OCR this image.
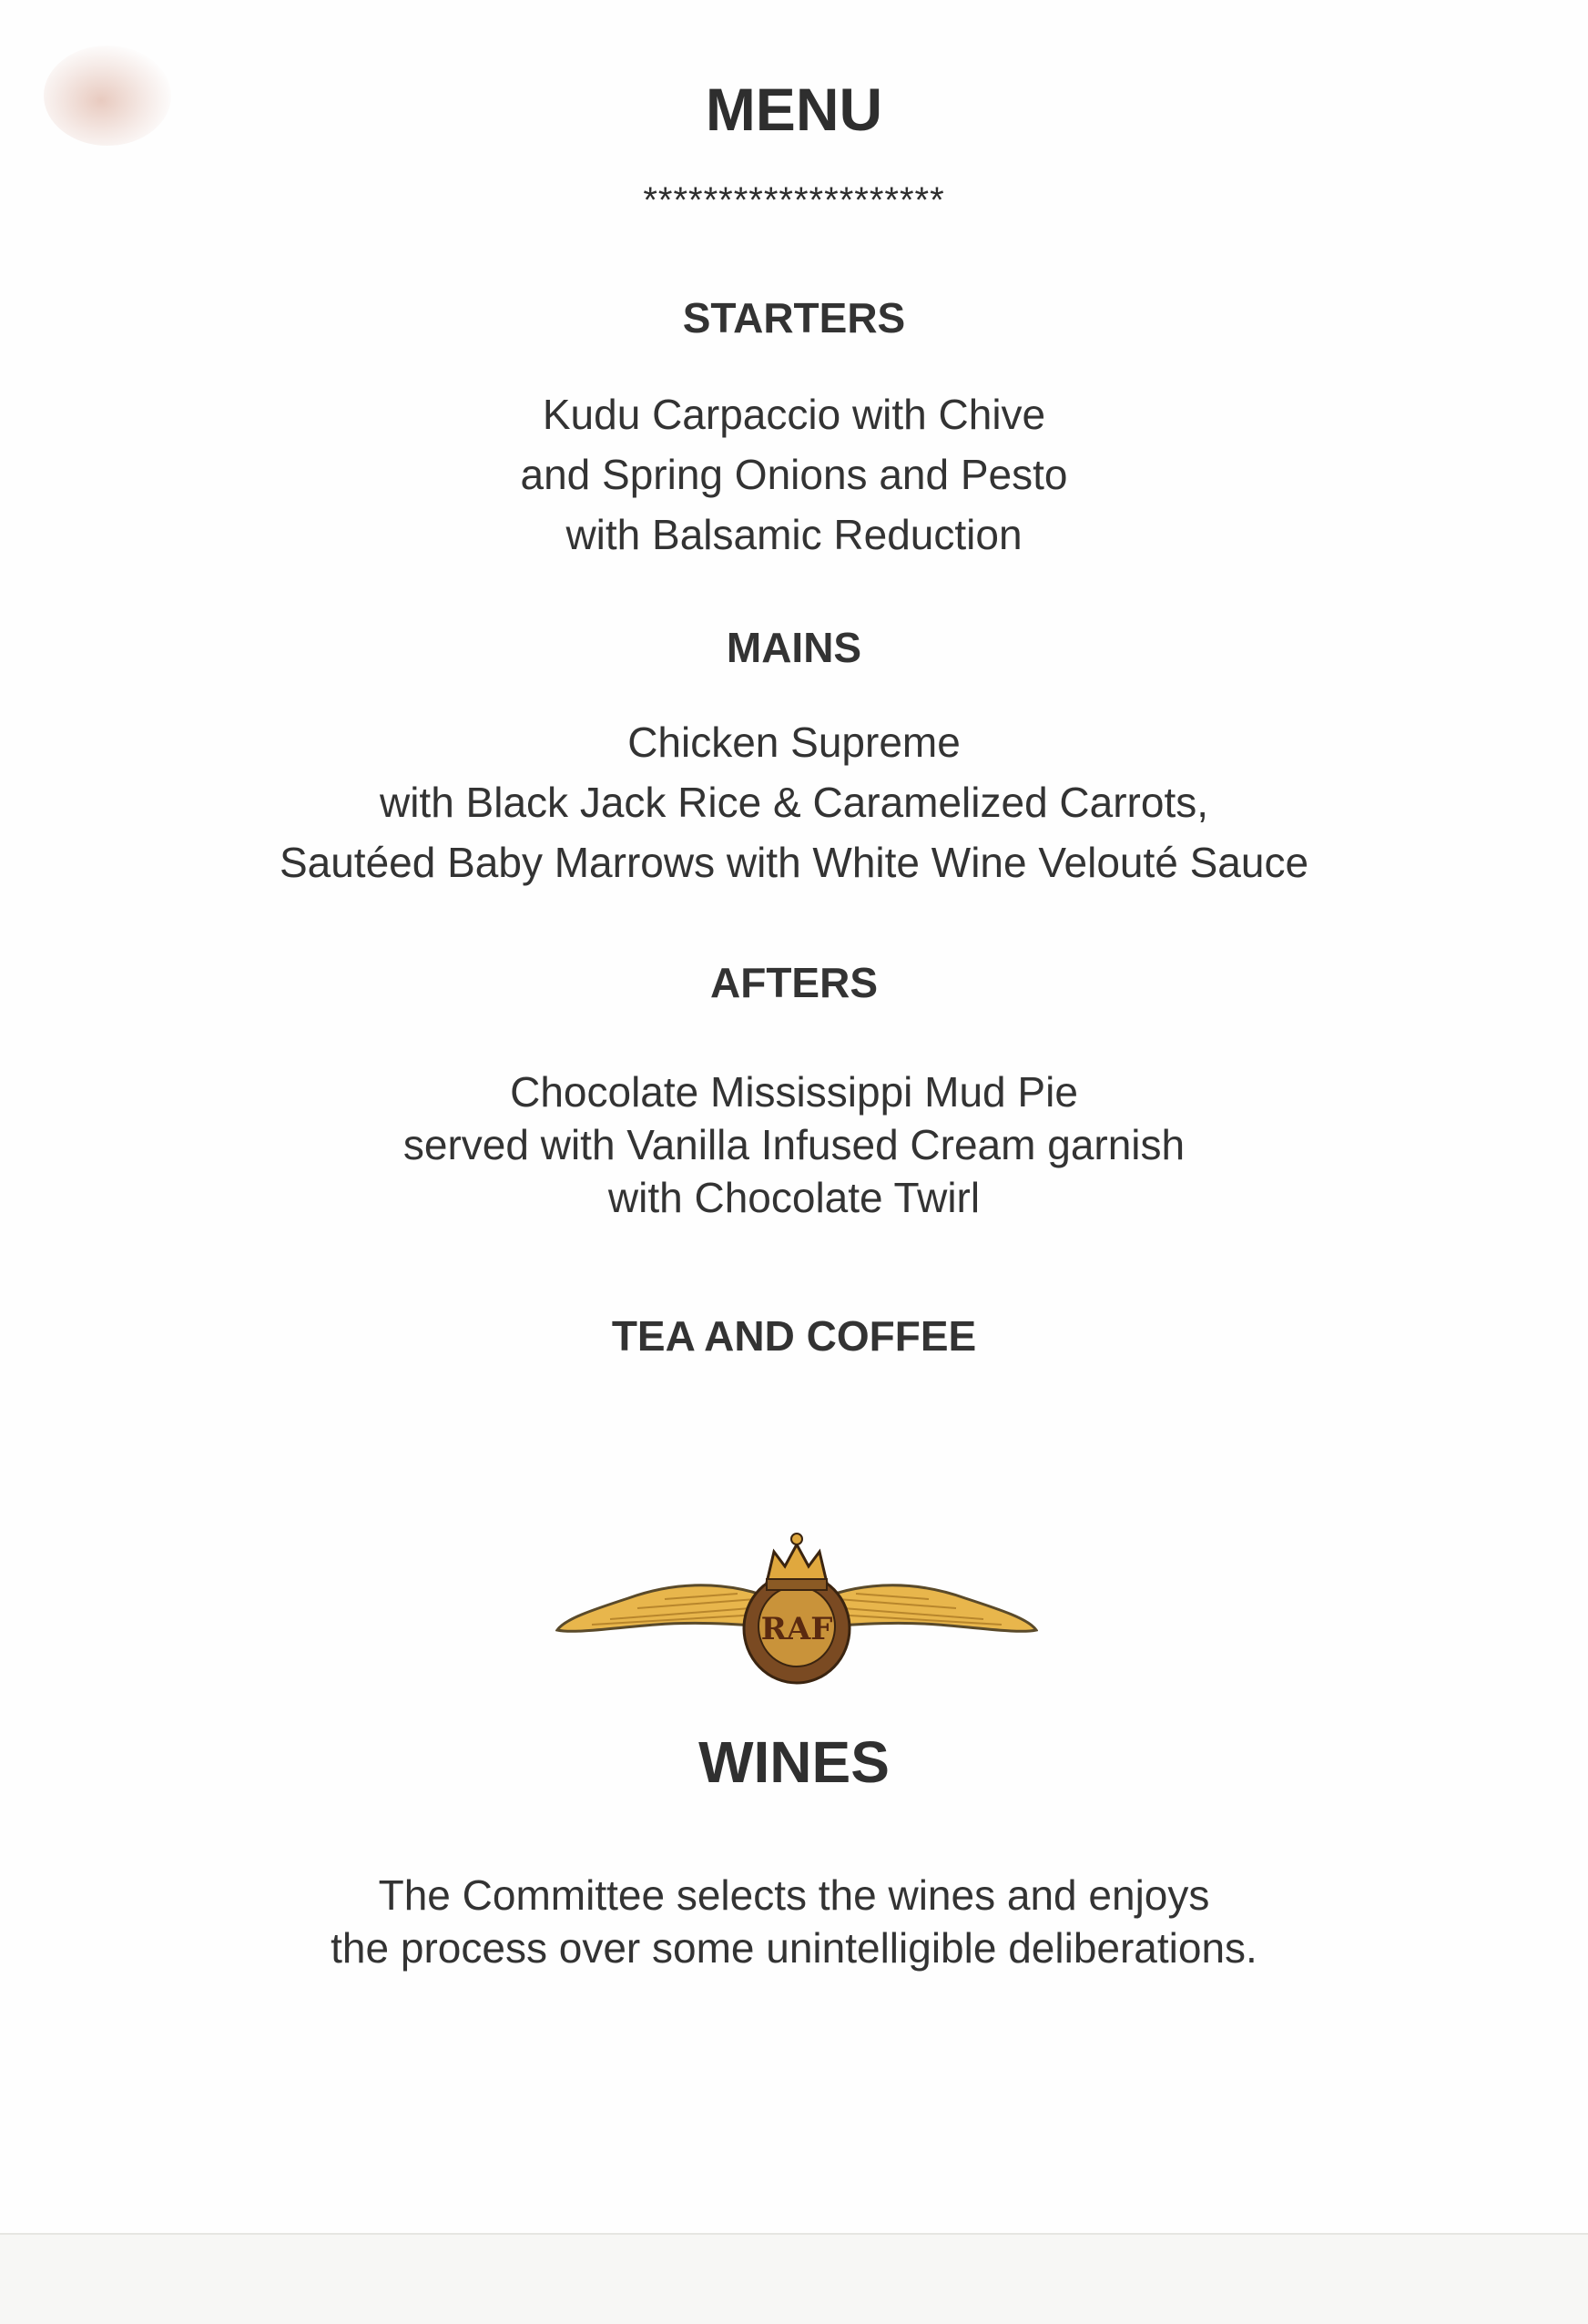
MENU
********************
STARTERS
Kudu Carpaccio with Chive
and Spring Onions and Pesto
with Balsamic Reduction
MAINS
Chicken Supreme
with Black Jack Rice & Caramelized Carrots,
Sautéed Baby Marrows with White Wine Velouté Sauce
AFTERS
Chocolate Mississippi Mud Pie
served with Vanilla Infused Cream garnish
with Chocolate Twirl
TEA AND COFFEE
RAF
WINES
The Committee selects the wines and enjoys
the process over some unintelligible deliberations.
